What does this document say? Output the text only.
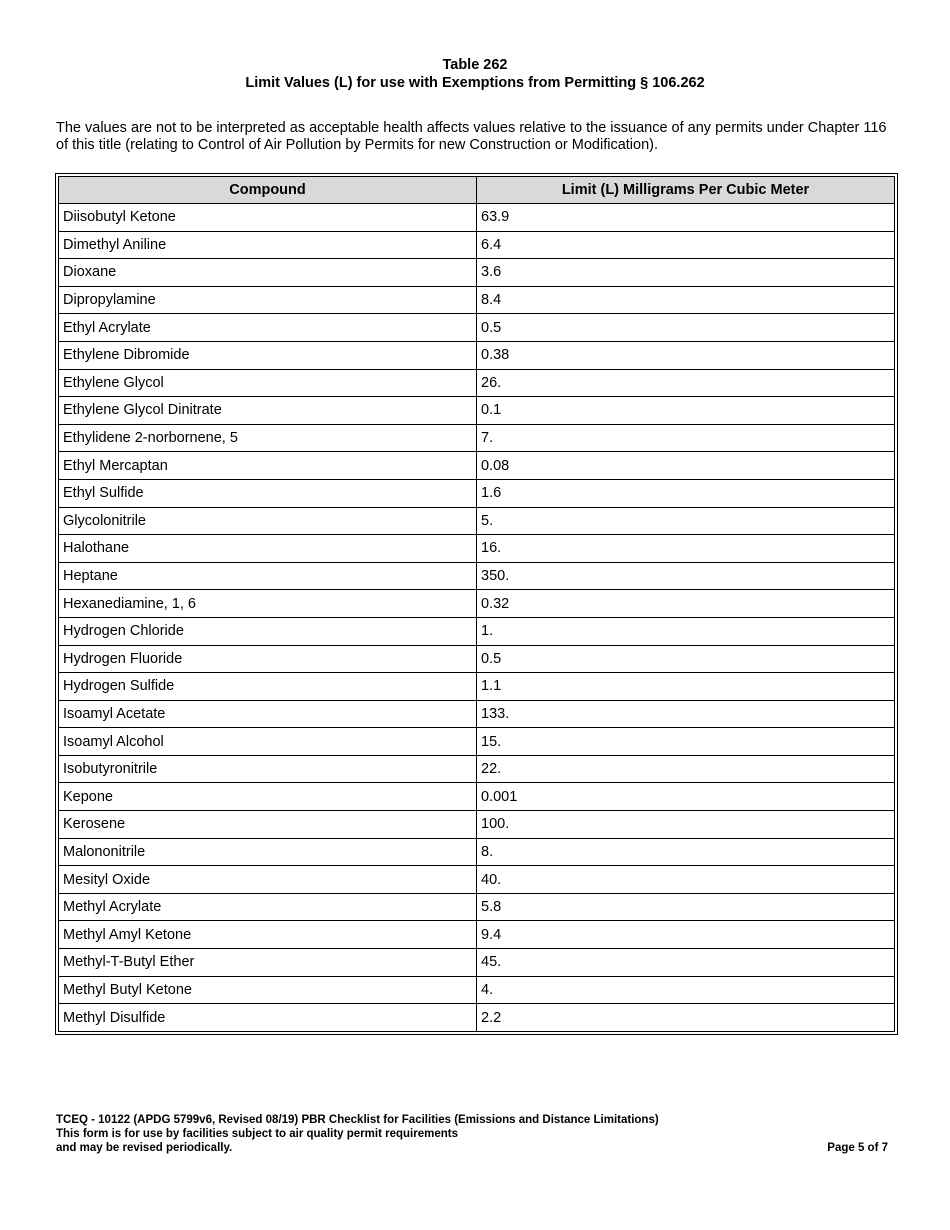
Table 262
Limit Values (L) for use with Exemptions from Permitting § 106.262
The values are not to be interpreted as acceptable health affects values relative to the issuance of any permits under Chapter 116 of this title (relating to Control of Air Pollution by Permits for new Construction or Modification).
Compound	Limit (L) Milligrams Per Cubic Meter
Diisobutyl Ketone	63.9
Dimethyl Aniline	6.4
Dioxane	3.6
Dipropylamine	8.4
Ethyl Acrylate	0.5
Ethylene Dibromide	0.38
Ethylene Glycol	26.
Ethylene Glycol Dinitrate	0.1
Ethylidene 2-norbornene, 5	7.
Ethyl Mercaptan	0.08
Ethyl Sulfide	1.6
Glycolonitrile	5.
Halothane	16.
Heptane	350.
Hexanediamine, 1, 6	0.32
Hydrogen Chloride	1.
Hydrogen Fluoride	0.5
Hydrogen Sulfide	1.1
Isoamyl Acetate	133.
Isoamyl Alcohol	15.
Isobutyronitrile	22.
Kepone	0.001
Kerosene	100.
Malononitrile	8.
Mesityl Oxide	40.
Methyl Acrylate	5.8
Methyl Amyl Ketone	9.4
Methyl-T-Butyl Ether	45.
Methyl Butyl Ketone	4.
Methyl Disulfide	2.2
TCEQ - 10122 (APDG 5799v6, Revised 08/19) PBR Checklist for Facilities (Emissions and Distance Limitations)
This form is for use by facilities subject to air quality permit requirements
and may be revised periodically.	Page 5 of 7
